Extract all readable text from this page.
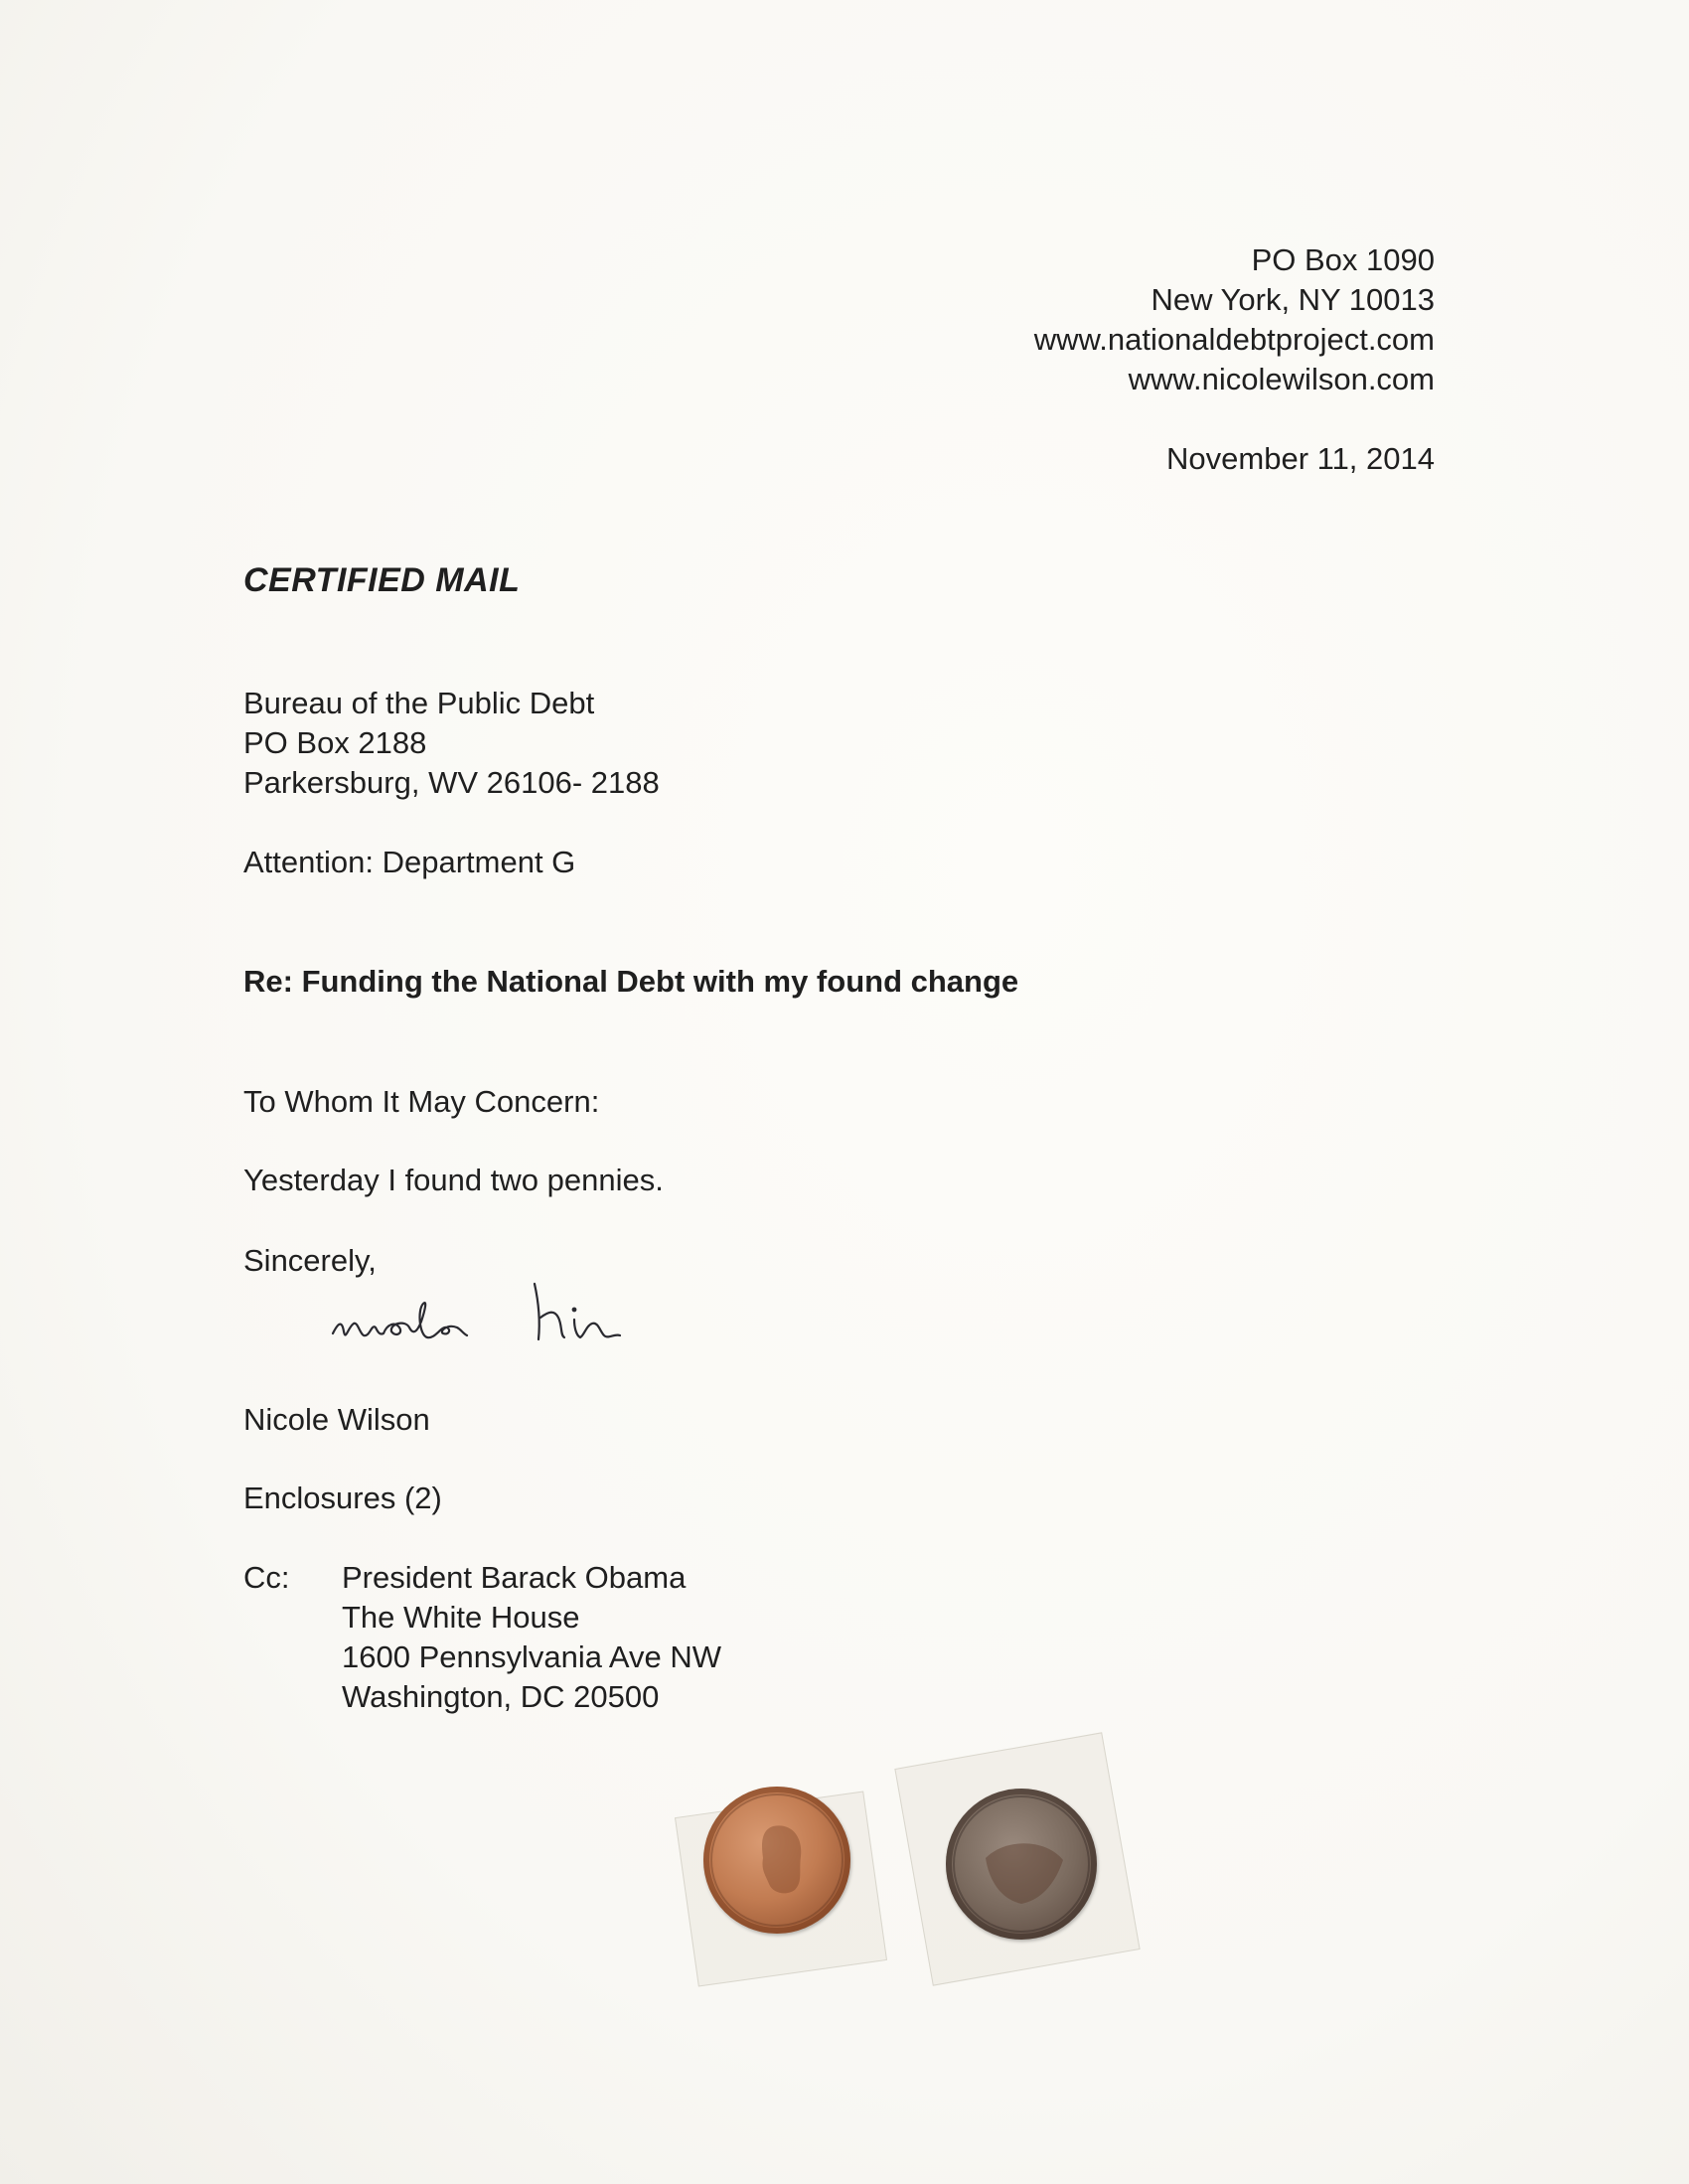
PO Box 1090
New York, NY 10013
www.nationaldebtproject.com
www.nicolewilson.com
November 11, 2014
CERTIFIED MAIL
Bureau of the Public Debt
PO Box 2188
Parkersburg, WV 26106- 2188
Attention: Department G
Re: Funding the National Debt with my found change
To Whom It May Concern:
Yesterday I found two pennies.
Sincerely,
Nicole Wilson
Enclosures (2)
Cc: President Barack Obama
The White House
1600 Pennsylvania Ave NW
Washington, DC 20500
